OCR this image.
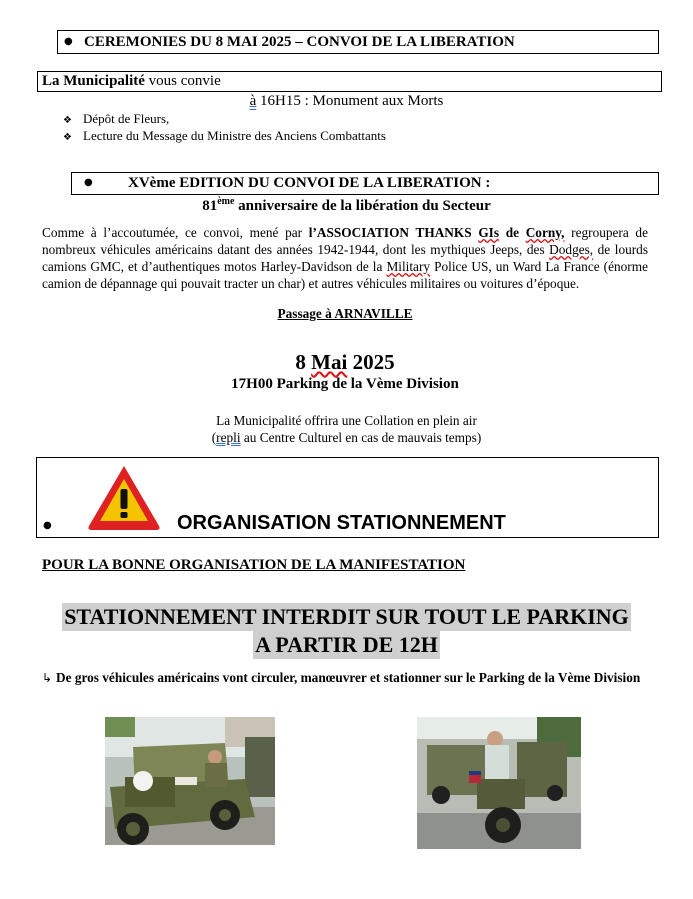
● CEREMONIES DU 8 MAI 2025 – CONVOI DE LA LIBERATION
La Municipalité vous convie
à 16H15 : Monument aux Morts
❖ Dépôt de Fleurs,
❖ Lecture du Message du Ministre des Anciens Combattants
● XVème EDITION DU CONVOI DE LA LIBERATION :
81ème anniversaire de la libération du Secteur
Comme à l’accoutumée, ce convoi, mené par l’ASSOCIATION THANKS GIs de Corny, regroupera de nombreux véhicules américains datant des années 1942-1944, dont les mythiques Jeeps, des Dodges, de lourds camions GMC, et d’authentiques motos Harley-Davidson de la Military Police US, un Ward La France (énorme camion de dépannage qui pouvait tracter un char) et autres véhicules militaires ou voitures d’époque.
Passage à ARNAVILLE
8 Mai 2025
17H00 Parking de la Vème Division
La Municipalité offrira une Collation en plein air
(repli au Centre Culturel en cas de mauvais temps)
●	ORGANISATION STATIONNEMENT
POUR LA BONNE ORGANISATION DE LA MANIFESTATION
STATIONNEMENT INTERDIT SUR TOUT LE PARKING
A PARTIR DE 12H
↳ De gros véhicules américains vont circuler, manœuvrer et stationner sur le Parking de la Vème Division
